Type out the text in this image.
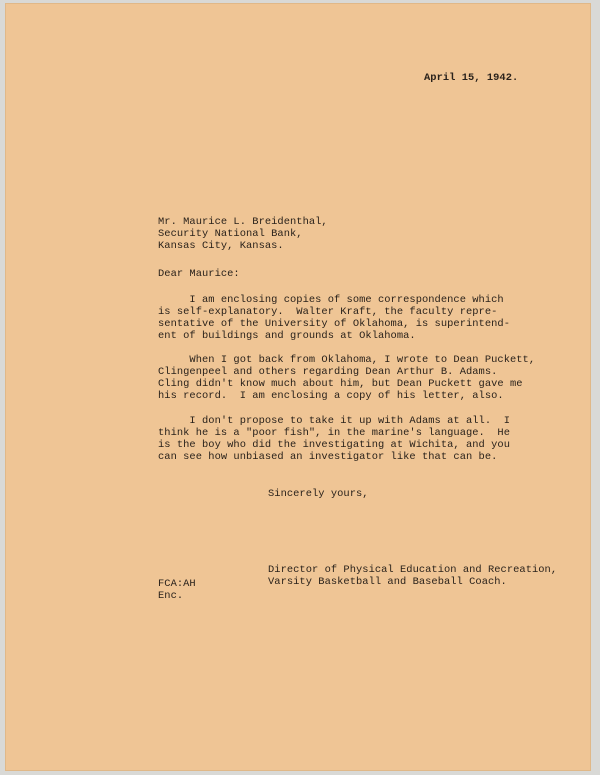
April 15, 1942.
Mr. Maurice L. Breidenthal,
Security National Bank,
Kansas City, Kansas.
Dear Maurice:
I am enclosing copies of some correspondence which
is self-explanatory.  Walter Kraft, the faculty repre-
sentative of the University of Oklahoma, is superintend-
ent of buildings and grounds at Oklahoma.
When I got back from Oklahoma, I wrote to Dean Puckett,
Clingenpeel and others regarding Dean Arthur B. Adams.
Cling didn't know much about him, but Dean Puckett gave me
his record.  I am enclosing a copy of his letter, also.
I don't propose to take it up with Adams at all.  I
think he is a "poor fish", in the marine's language.  He
is the boy who did the investigating at Wichita, and you
can see how unbiased an investigator like that can be.
Sincerely yours,
Director of Physical Education and Recreation,
Varsity Basketball and Baseball Coach.
FCA:AH
Enc.
